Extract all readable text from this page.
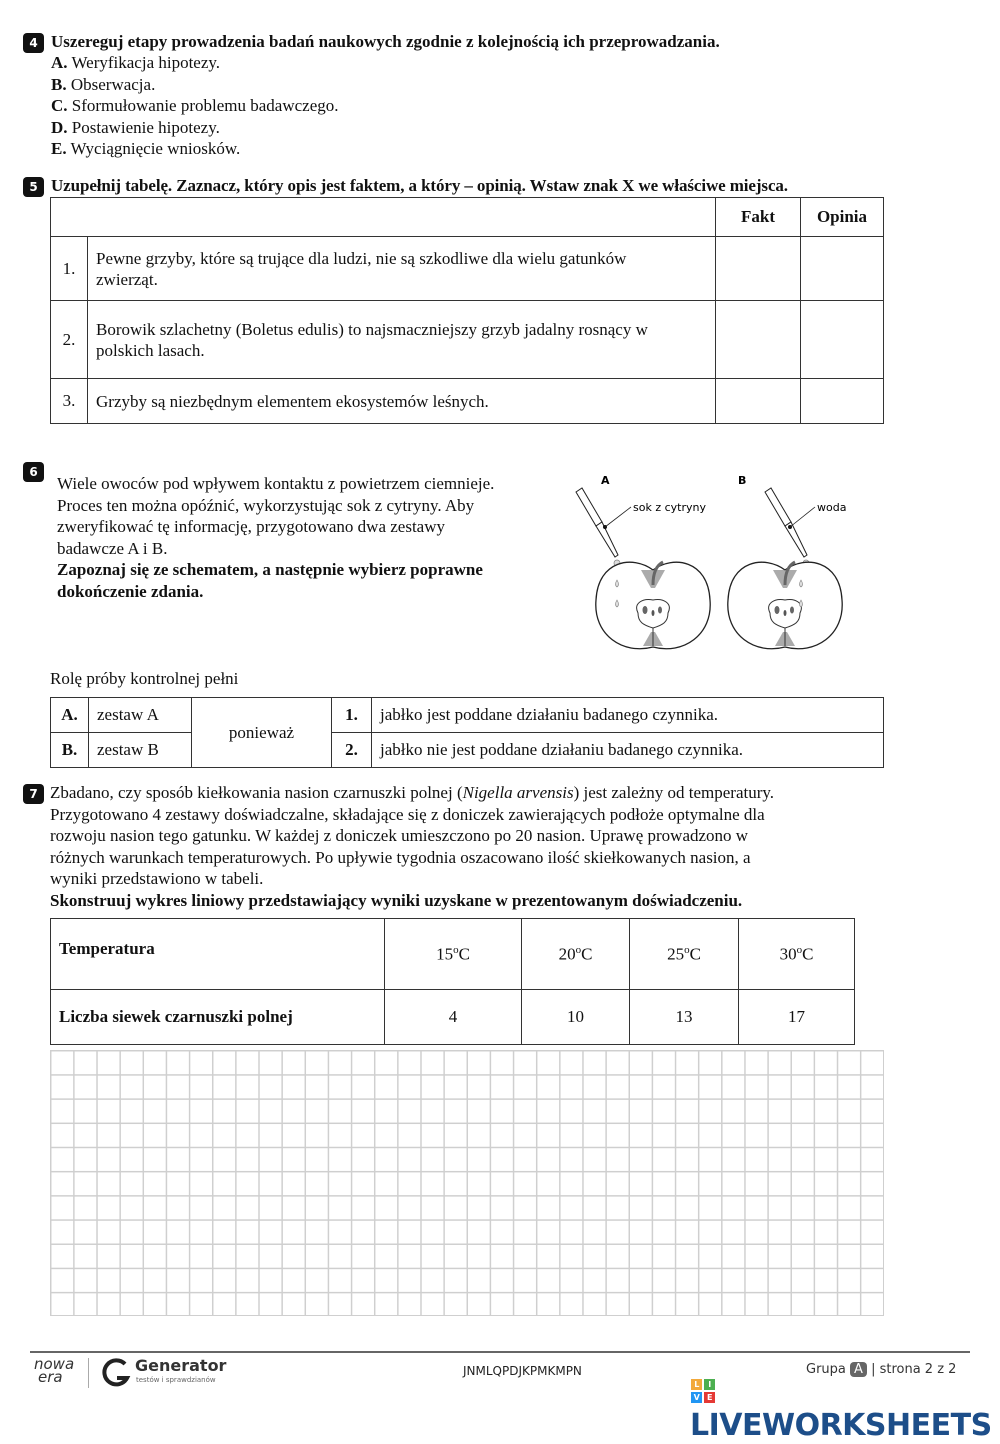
4 Uszereguj etapy prowadzenia badań naukowych zgodnie z kolejnością ich przeprowadzania.
A. Weryfikacja hipotezy.
B. Obserwacja.
C. Sformułowanie problemu badawczego.
D. Postawienie hipotezy.
E. Wyciągnięcie wniosków.
5 Uzupełnij tabelę. Zaznacz, który opis jest faktem, a który – opinią. Wstaw znak X we właściwe miejsca.
		Fakt	Opinia
1.	Pewne grzyby, które są trujące dla ludzi, nie są szkodliwe dla wielu gatunków
zwierząt.		

2.	Borowik szlachetny (Boletus edulis) to najsmaczniejszy grzyb jadalny rosnący w
polskich lasach.		

3.	Grzyby są niezbędnym elementem ekosystemów leśnych.		

6
Wiele owoców pod wpływem kontaktu z powietrzem ciemnieje.
Proces ten można opóźnić, wykorzystując sok z cytryny. Aby
zweryfikować tę informację, przygotowano dwa zestawy
badawcze A i B.
Zapoznaj się ze schematem, a następnie wybierz poprawne
dokończenie zdania.
A
sok z cytryny
B
woda
Rolę próby kontrolnej pełni
A.	zestaw A	ponieważ	1.	jabłko jest poddane działaniu badanego czynnika.
B.	zestaw B		2.	jabłko nie jest poddane działaniu badanego czynnika.
7 Zbadano, czy sposób kiełkowania nasion czarnuszki polnej (Nigella arvensis) jest zależny od temperatury.
Przygotowano 4 zestawy doświadczalne, składające się z doniczek zawierających podłoże optymalne dla
rozwoju nasion tego gatunku. W każdej z doniczek umieszczono po 20 nasion. Uprawę prowadzono w
różnych warunkach temperaturowych. Po upływie tygodnia oszacowano ilość skiełkowanych nasion, a
wyniki przedstawiono w tabeli.
Skonstruuj wykres liniowy przedstawiający wyniki uzyskane w prezentowanym doświadczeniu.
Temperatura	15$^o$C	20$^o$C	25$^o$C	30$^o$C
Liczba siewek czarnuszki polnej	4	10	13	17
nowa
era
Generator
testów i sprawdzianów
JNMLQPDJKPMKMPN	Grupa A | strona 2 z 2
L I
V ELIVEWORKSHEETS
